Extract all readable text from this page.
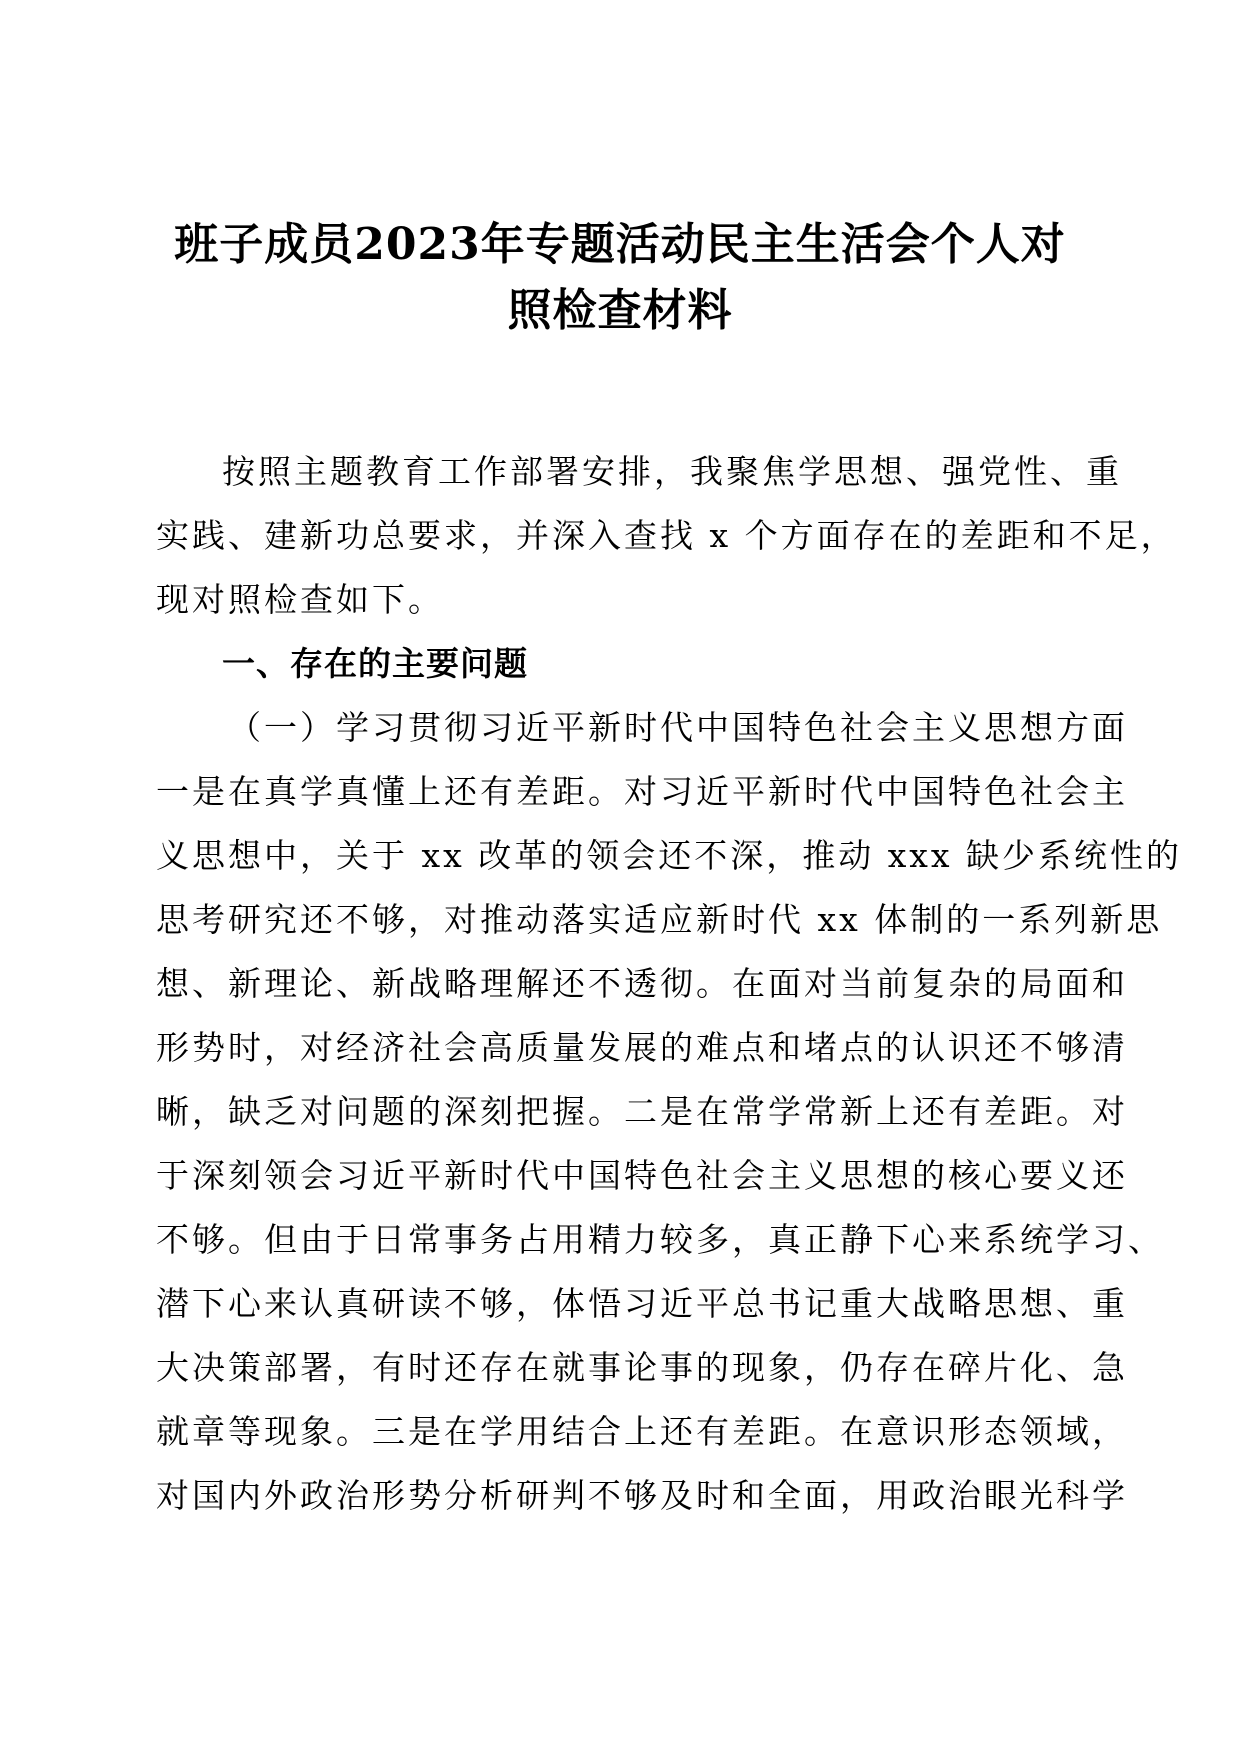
班子成员2023年专题活动民主生活会个人对
照检查材料
按照主题教育工作部署安排，我聚焦学思想、强党性、重
实践、建新功总要求，并深入查找 x 个方面存在的差距和不足，
现对照检查如下。
一、存在的主要问题
（一）学习贯彻习近平新时代中国特色社会主义思想方面
一是在真学真懂上还有差距。对习近平新时代中国特色社会主
义思想中，关于 xx 改革的领会还不深，推动 xxx 缺少系统性的
思考研究还不够，对推动落实适应新时代 xx 体制的一系列新思
想、新理论、新战略理解还不透彻。在面对当前复杂的局面和
形势时，对经济社会高质量发展的难点和堵点的认识还不够清
晰，缺乏对问题的深刻把握。二是在常学常新上还有差距。对
于深刻领会习近平新时代中国特色社会主义思想的核心要义还
不够。但由于日常事务占用精力较多，真正静下心来系统学习、
潜下心来认真研读不够，体悟习近平总书记重大战略思想、重
大决策部署，有时还存在就事论事的现象，仍存在碎片化、急
就章等现象。三是在学用结合上还有差距。在意识形态领域，
对国内外政治形势分析研判不够及时和全面，用政治眼光科学
